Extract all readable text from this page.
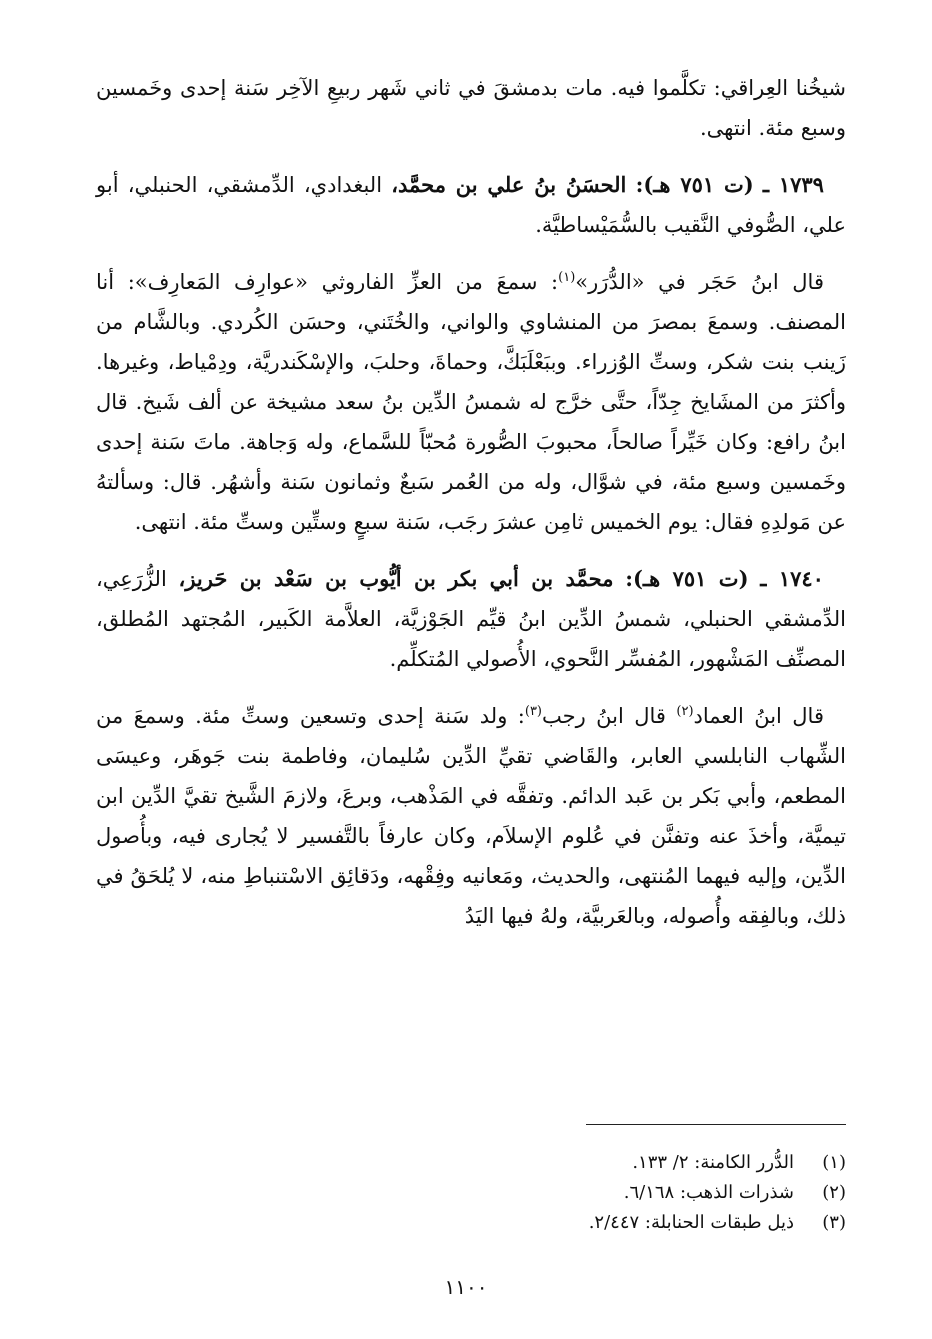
شيخُنا العِراقي: تكلَّموا فيه. مات بدمشقَ في ثاني شَهر ربيعِ الآخِر سَنة إحدى وخَمسين وسبع مئة. انتهى.

١٧٣٩ ـ (ت ٧٥١ هـ): الحسَنُ بنُ علي بن محمَّد، البغدادي، الدِّمشقي، الحنبلي، أبو علي، الصُّوفي النَّقيب بالسُّمَيْساطيَّة.

قال ابنُ حَجَر في «الدُّرَر»$^{(١)}$: سمعَ من العزِّ الفاروثي «عوارِف المَعارِف»: أنا المصنف. وسمعَ بمصرَ من المنشاوي والواني، والخُتَني، وحسَن الكُردي. وبالشَّام من زَينب بنت شكر، وستِّ الوُزراء. وببَعْلَبَكَّ، وحماةَ، وحلبَ، والإسْكَندريَّة، ودِمْياط، وغيرها. وأكثرَ من المشَايخ جِدّاً، حتَّى خرَّج له شمسُ الدِّين بنُ سعد مشيخة عن ألف شَيخ. قال ابنُ رافع: وكان خَيِّراً صالحاً، محبوبَ الصُّورة مُحبّاً للسَّماع، وله وَجاهة. ماتَ سَنة إحدى وخَمسين وسبع مئة، في شوَّال، وله من العُمر سَبعٌ وثمانون سَنة وأشهُر. قال: وسألتهُ عن مَولدِهِ فقال: يوم الخميس ثامِن عشرَ رجَب، سَنة سبعٍ وستِّين وستِّ مئة. انتهى.

١٧٤٠ ـ (ت ٧٥١ هـ): محمَّد بن أبي بكر بن أيُّوب بن سَعْد بن حَريز، الزُّرَعِي، الدِّمشقي الحنبلي، شمسُ الدِّين ابنُ قيِّم الجَوْزيَّة، العلاَّمة الكَبير، المُجتهد المُطلق، المصنِّف المَشْهور، المُفسِّر النَّحوي، الأُصولي المُتكلِّم.

قال ابنُ العماد$^{(٢)}$ قال ابنُ رجب$^{(٣)}$: ولد سَنة إحدى وتسعين وستِّ مئة. وسمعَ من الشِّهاب النابلسي العابر، والقَاضي تقيِّ الدِّين سُليمان، وفاطمة بنت جَوهَر، وعيسَى المطعم، وأبي بَكر بن عَبد الدائم. وتفقَّه في المَذْهب، وبرعَ، ولازمَ الشَّيخ تقيَّ الدِّين ابن تيميَّة، وأخذَ عنه وتفنَّن في عُلوم الإسلاَم، وكان عارفاً بالتَّفسير لا يُجارى فيه، وبأُصول الدِّين، وإليه فيهما المُنتهى، والحديث، ومَعانيه وفِقْهه، ودَقائِق الاسْتنباطِ منه، لا يُلحَقُ في ذلك، وبالفِقه وأُصوله، وبالعَربيَّة، ولهُ فيها اليَدُ

(١)
الدُّرر الكامنة: ٢/ ١٣٣.
(٢)
شذرات الذهب: ٦/١٦٨.
(٣)
ذيل طبقات الحنابلة: ٢/٤٤٧.
١١٠٠
